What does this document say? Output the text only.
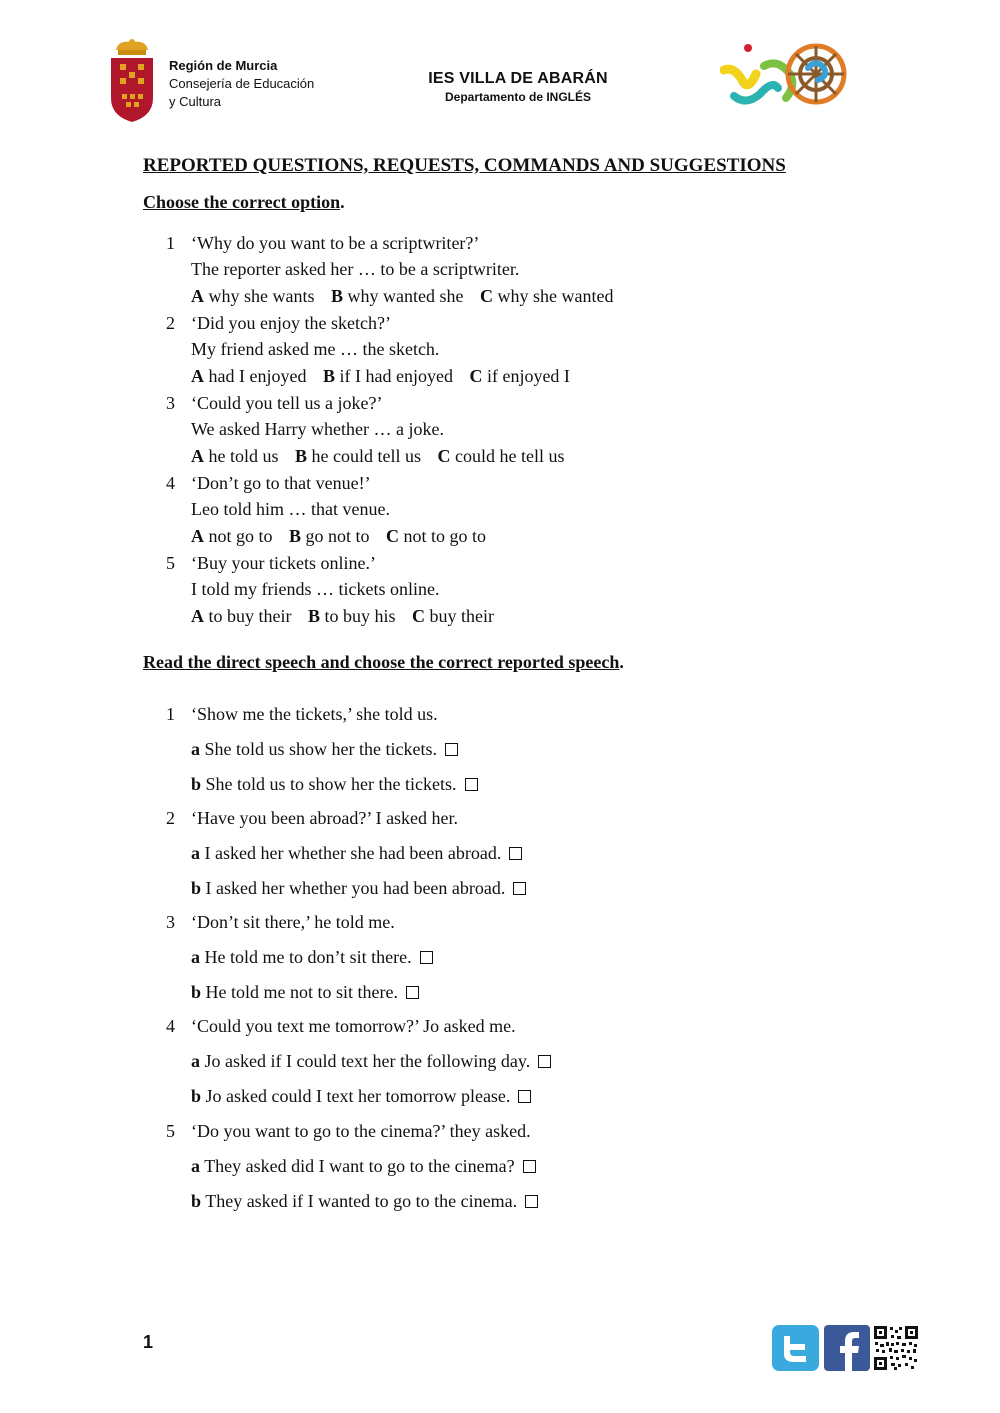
Región de Murcia
Consejería de Educación
y Cultura
IES VILLA DE ABARÁN
Departamento de INGLÉS
REPORTED QUESTIONS, REQUESTS, COMMANDS AND SUGGESTIONS
Choose the correct option.
1 ‘Why do you want to be a scriptwriter?’
The reporter asked her … to be a scriptwriter.
A why she wants B why wanted she C why she wanted
2 ‘Did you enjoy the sketch?’
My friend asked me … the sketch.
A had I enjoyed B if I had enjoyed C if enjoyed I
3 ‘Could you tell us a joke?’
We asked Harry whether … a joke.
A he told us B he could tell us C could he tell us
4 ‘Don’t go to that venue!’
Leo told him … that venue.
A not go to B go not to C not to go to
5 ‘Buy your tickets online.’
I told my friends … tickets online.
A to buy their B to buy his C buy their
Read the direct speech and choose the correct reported speech.
1 ‘Show me the tickets,’ she told us.
a She told us show her the tickets.
b She told us to show her the tickets.
2 ‘Have you been abroad?’ I asked her.
a I asked her whether she had been abroad.
b I asked her whether you had been abroad.
3 ‘Don’t sit there,’ he told me.
a He told me to don’t sit there.
b He told me not to sit there.
4 ‘Could you text me tomorrow?’ Jo asked me.
a Jo asked if I could text her the following day.
b Jo asked could I text her tomorrow please.
5 ‘Do you want to go to the cinema?’ they asked.
a They asked did I want to go to the cinema?
b They asked if I wanted to go to the cinema.
1
